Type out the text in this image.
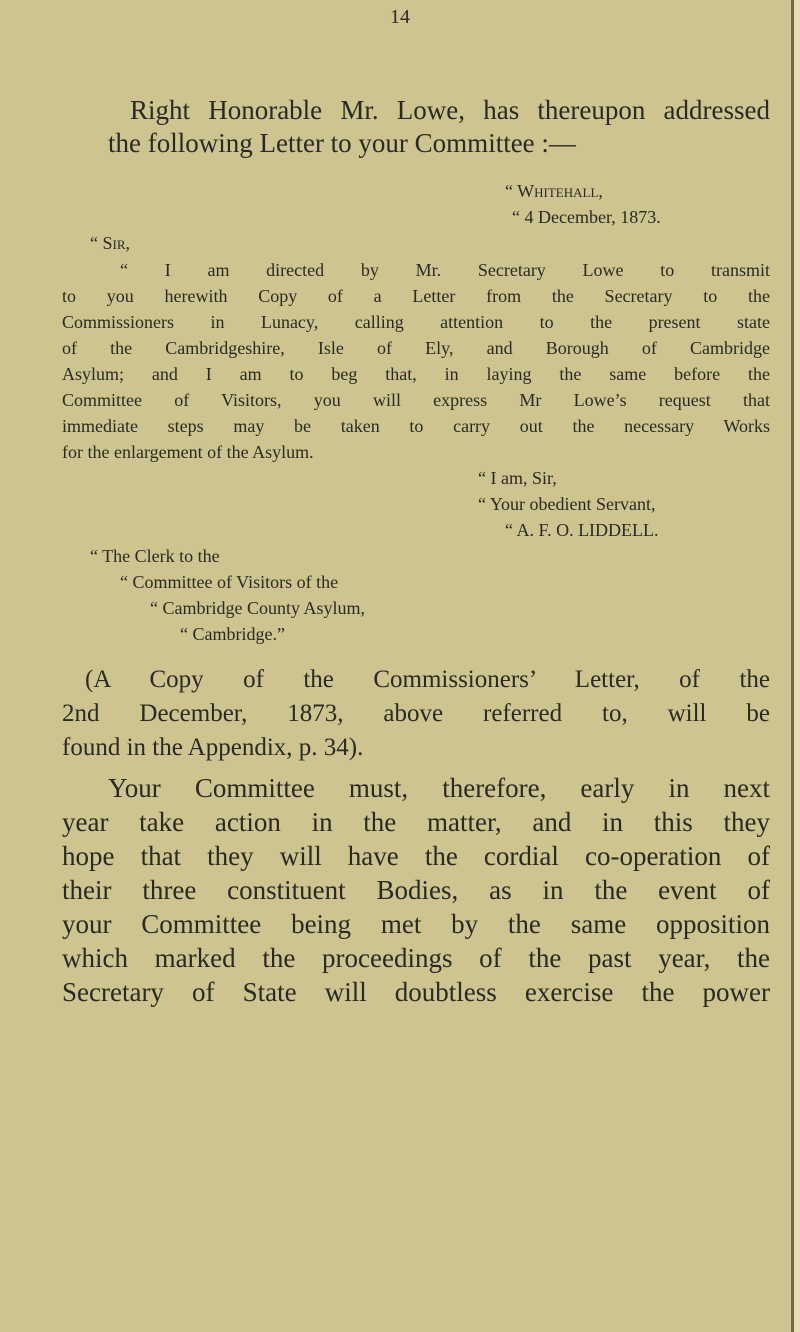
14
Right Honorable Mr. Lowe, has thereupon addressed
the following Letter to your Committee :—
“ Whitehall,
“ 4 December, 1873.
“ Sir,
“ I am directed by Mr. Secretary Lowe to transmit
to you herewith Copy of a Letter from the Secretary to the
Commissioners in Lunacy, calling attention to the present state
of the Cambridgeshire, Isle of Ely, and Borough of Cambridge
Asylum; and I am to beg that, in laying the same before the
Committee of Visitors, you will express Mr Lowe’s request that
immediate steps may be taken to carry out the necessary Works
for the enlargement of the Asylum.
“ I am, Sir,
“ Your obedient Servant,
“ A. F. O. LIDDELL.
“ The Clerk to the
“ Committee of Visitors of the
“ Cambridge County Asylum,
“ Cambridge.”
(A Copy of the Commissioners’ Letter, of the
2nd December, 1873, above referred to, will be
found in the Appendix, p. 34).
Your Committee must, therefore, early in next
year take action in the matter, and in this they
hope that they will have the cordial co-operation of
their three constituent Bodies, as in the event of
your Committee being met by the same opposition
which marked the proceedings of the past year, the
Secretary of State will doubtless exercise the power
